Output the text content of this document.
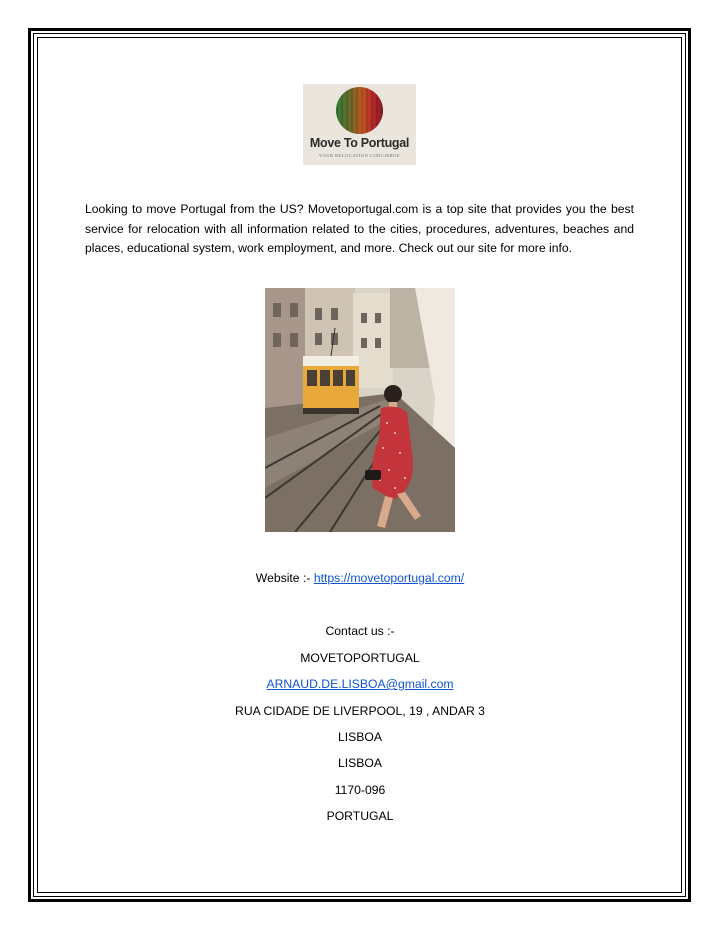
Move To Portugal
YOUR RELOCATION CONCIERGE
Looking to move Portugal from the US? Movetoportugal.com is a top site that provides you the best service for relocation with all information related to the cities, procedures, adventures, beaches and places, educational system, work employment, and more. Check out our site for more info.
Website :- https://movetoportugal.com/
Contact us :-
MOVETOPORTUGAL
ARNAUD.DE.LISBOA@gmail.com
RUA CIDADE DE LIVERPOOL, 19 , ANDAR 3
LISBOA
LISBOA
1170-096
PORTUGAL
